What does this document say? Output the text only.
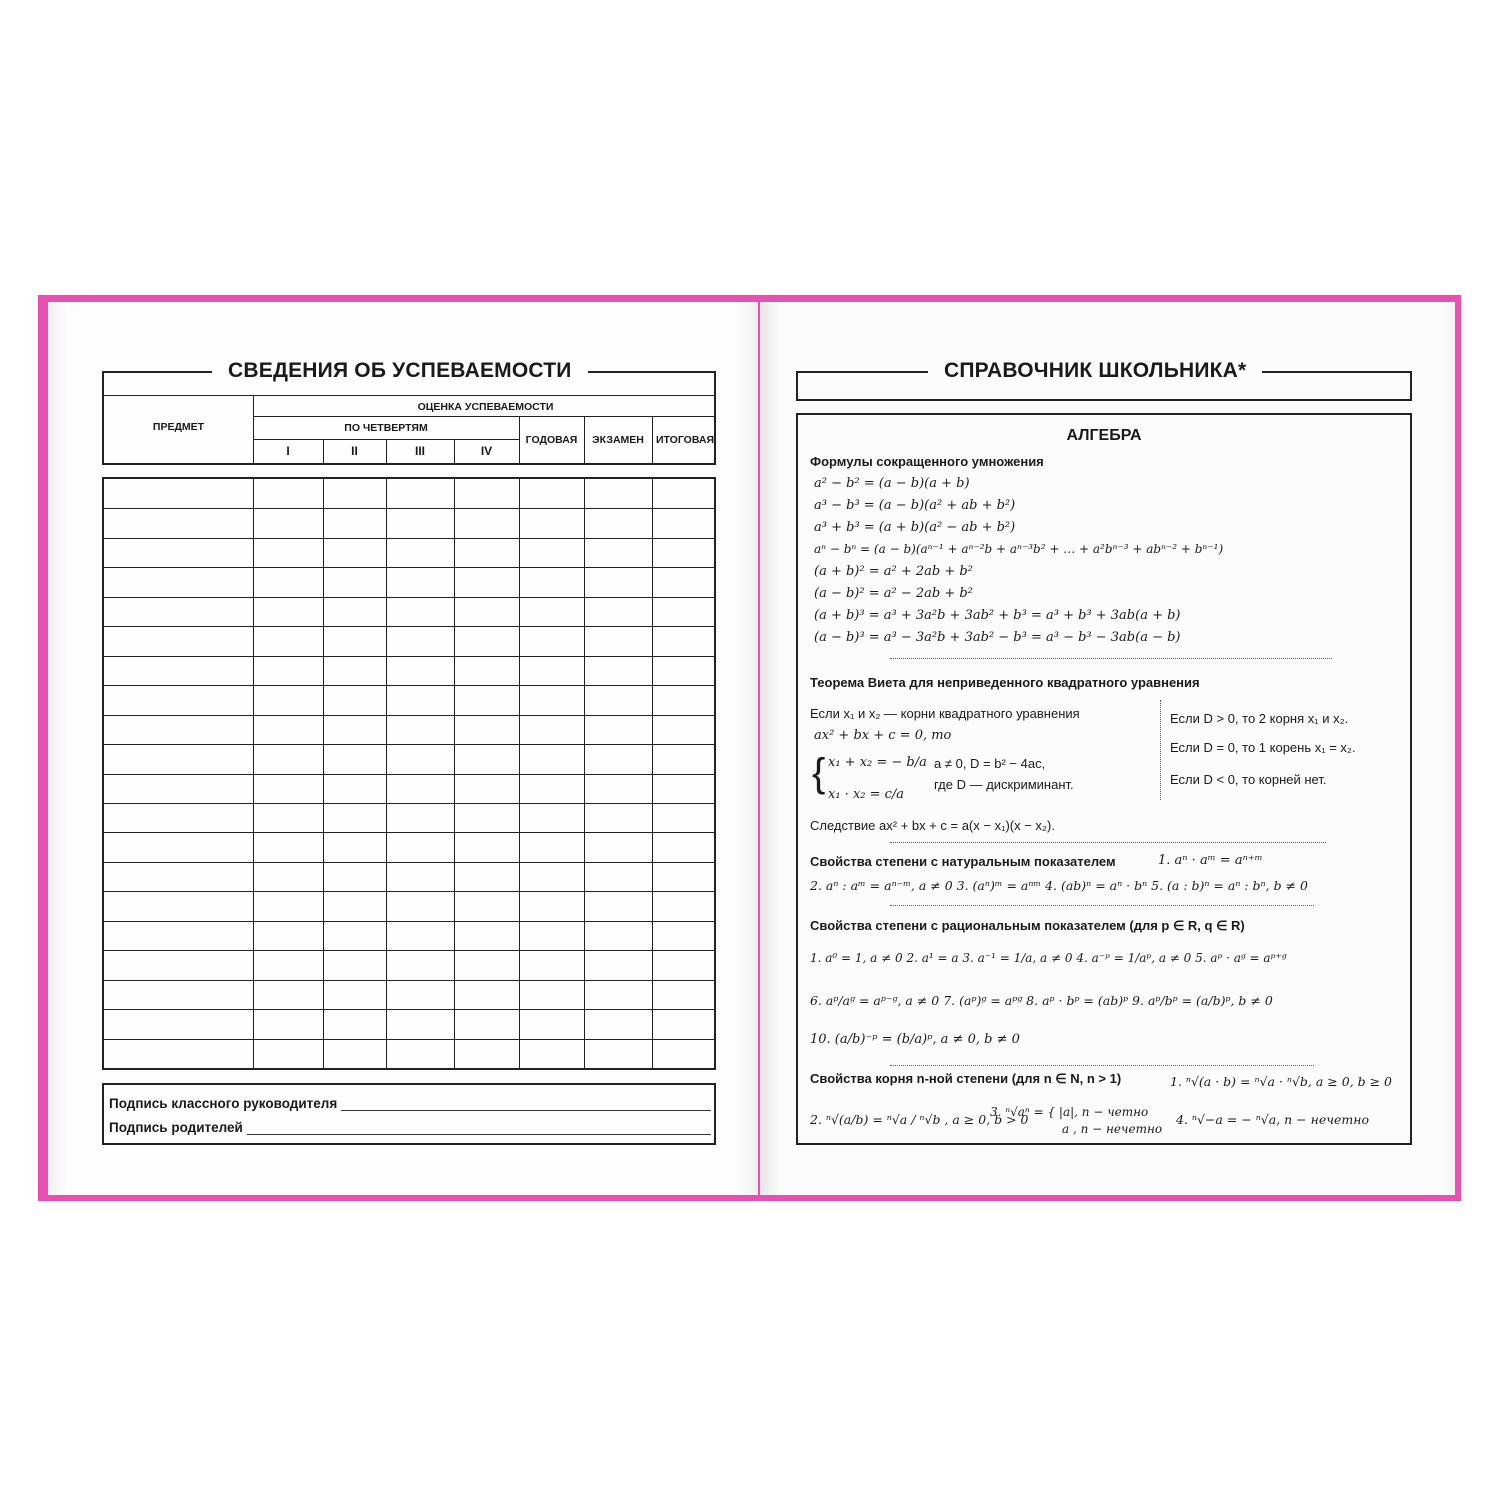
СВЕДЕНИЯ ОБ УСПЕВАЕМОСТИ
ПРЕДМЕТ
ОЦЕНКА УСПЕВАЕМОСТИ
ПО ЧЕТВЕРТЯМ
I	II	III	IV
ГОДОВАЯ	ЭКЗАМЕН	ИТОГОВАЯ
Подпись классного руководителя
Подпись родителей
СПРАВОЧНИК ШКОЛЬНИКА*
АЛГЕБРА
Формулы сокращенного умножения
a² − b² = (a − b)(a + b)
a³ − b³ = (a − b)(a² + ab + b²)
a³ + b³ = (a + b)(a² − ab + b²)
aⁿ − bⁿ = (a − b)(aⁿ⁻¹ + aⁿ⁻²b + aⁿ⁻³b² + … + a²bⁿ⁻³ + abⁿ⁻² + bⁿ⁻¹)
(a + b)² = a² + 2ab + b²
(a − b)² = a² − 2ab + b²
(a + b)³ = a³ + 3a²b + 3ab² + b³ = a³ + b³ + 3ab(a + b)
(a − b)³ = a³ − 3a²b + 3ab² − b³ = a³ − b³ − 3ab(a − b)
Теорема Виета для неприведенного квадратного уравнения
Если x₁ и x₂ — корни квадратного уравнения
ax² + bx + c = 0, то
{ x₁ + x₂ = − b/a
x₁ · x₂ = c/a
a ≠ 0, D = b² − 4ac,
где D — дискриминант.
Если D > 0, то 2 корня x₁ и x₂.
Если D = 0, то 1 корень x₁ = x₂.
Если D < 0, то корней нет.
Следствие ax² + bx + c = a(x − x₁)(x − x₂).
Свойства степени с натуральным показателем	1. aⁿ · aᵐ = aⁿ⁺ᵐ
2. aⁿ : aᵐ = aⁿ⁻ᵐ, a ≠ 0 3. (aⁿ)ᵐ = aⁿᵐ 4. (ab)ⁿ = aⁿ · bⁿ 5. (a : b)ⁿ = aⁿ : bⁿ, b ≠ 0
Свойства степени с рациональным показателем (для p ∈ R, q ∈ R)
1. a⁰ = 1, a ≠ 0 2. a¹ = a 3. a⁻¹ = 1/a, a ≠ 0 4. a⁻ᵖ = 1/aᵖ, a ≠ 0 5. aᵖ · aᵍ = aᵖ⁺ᵍ
6. aᵖ/aᵍ = aᵖ⁻ᵍ, a ≠ 0 7. (aᵖ)ᵍ = aᵖᵍ 8. aᵖ · bᵖ = (ab)ᵖ 9. aᵖ/bᵖ = (a/b)ᵖ, b ≠ 0
10. (a/b)⁻ᵖ = (b/a)ᵖ, a ≠ 0, b ≠ 0
Свойства корня n-ной степени (для n ∈ N, n > 1)	1. ⁿ√(a · b) = ⁿ√a · ⁿ√b, a ≥ 0, b ≥ 0
2. ⁿ√(a/b) = ⁿ√a / ⁿ√b , a ≥ 0, b > 0
3. ⁿ√aⁿ = { |a|, n − четно
a , n − нечетно
4. ⁿ√−a = − ⁿ√a, n − нечетно
